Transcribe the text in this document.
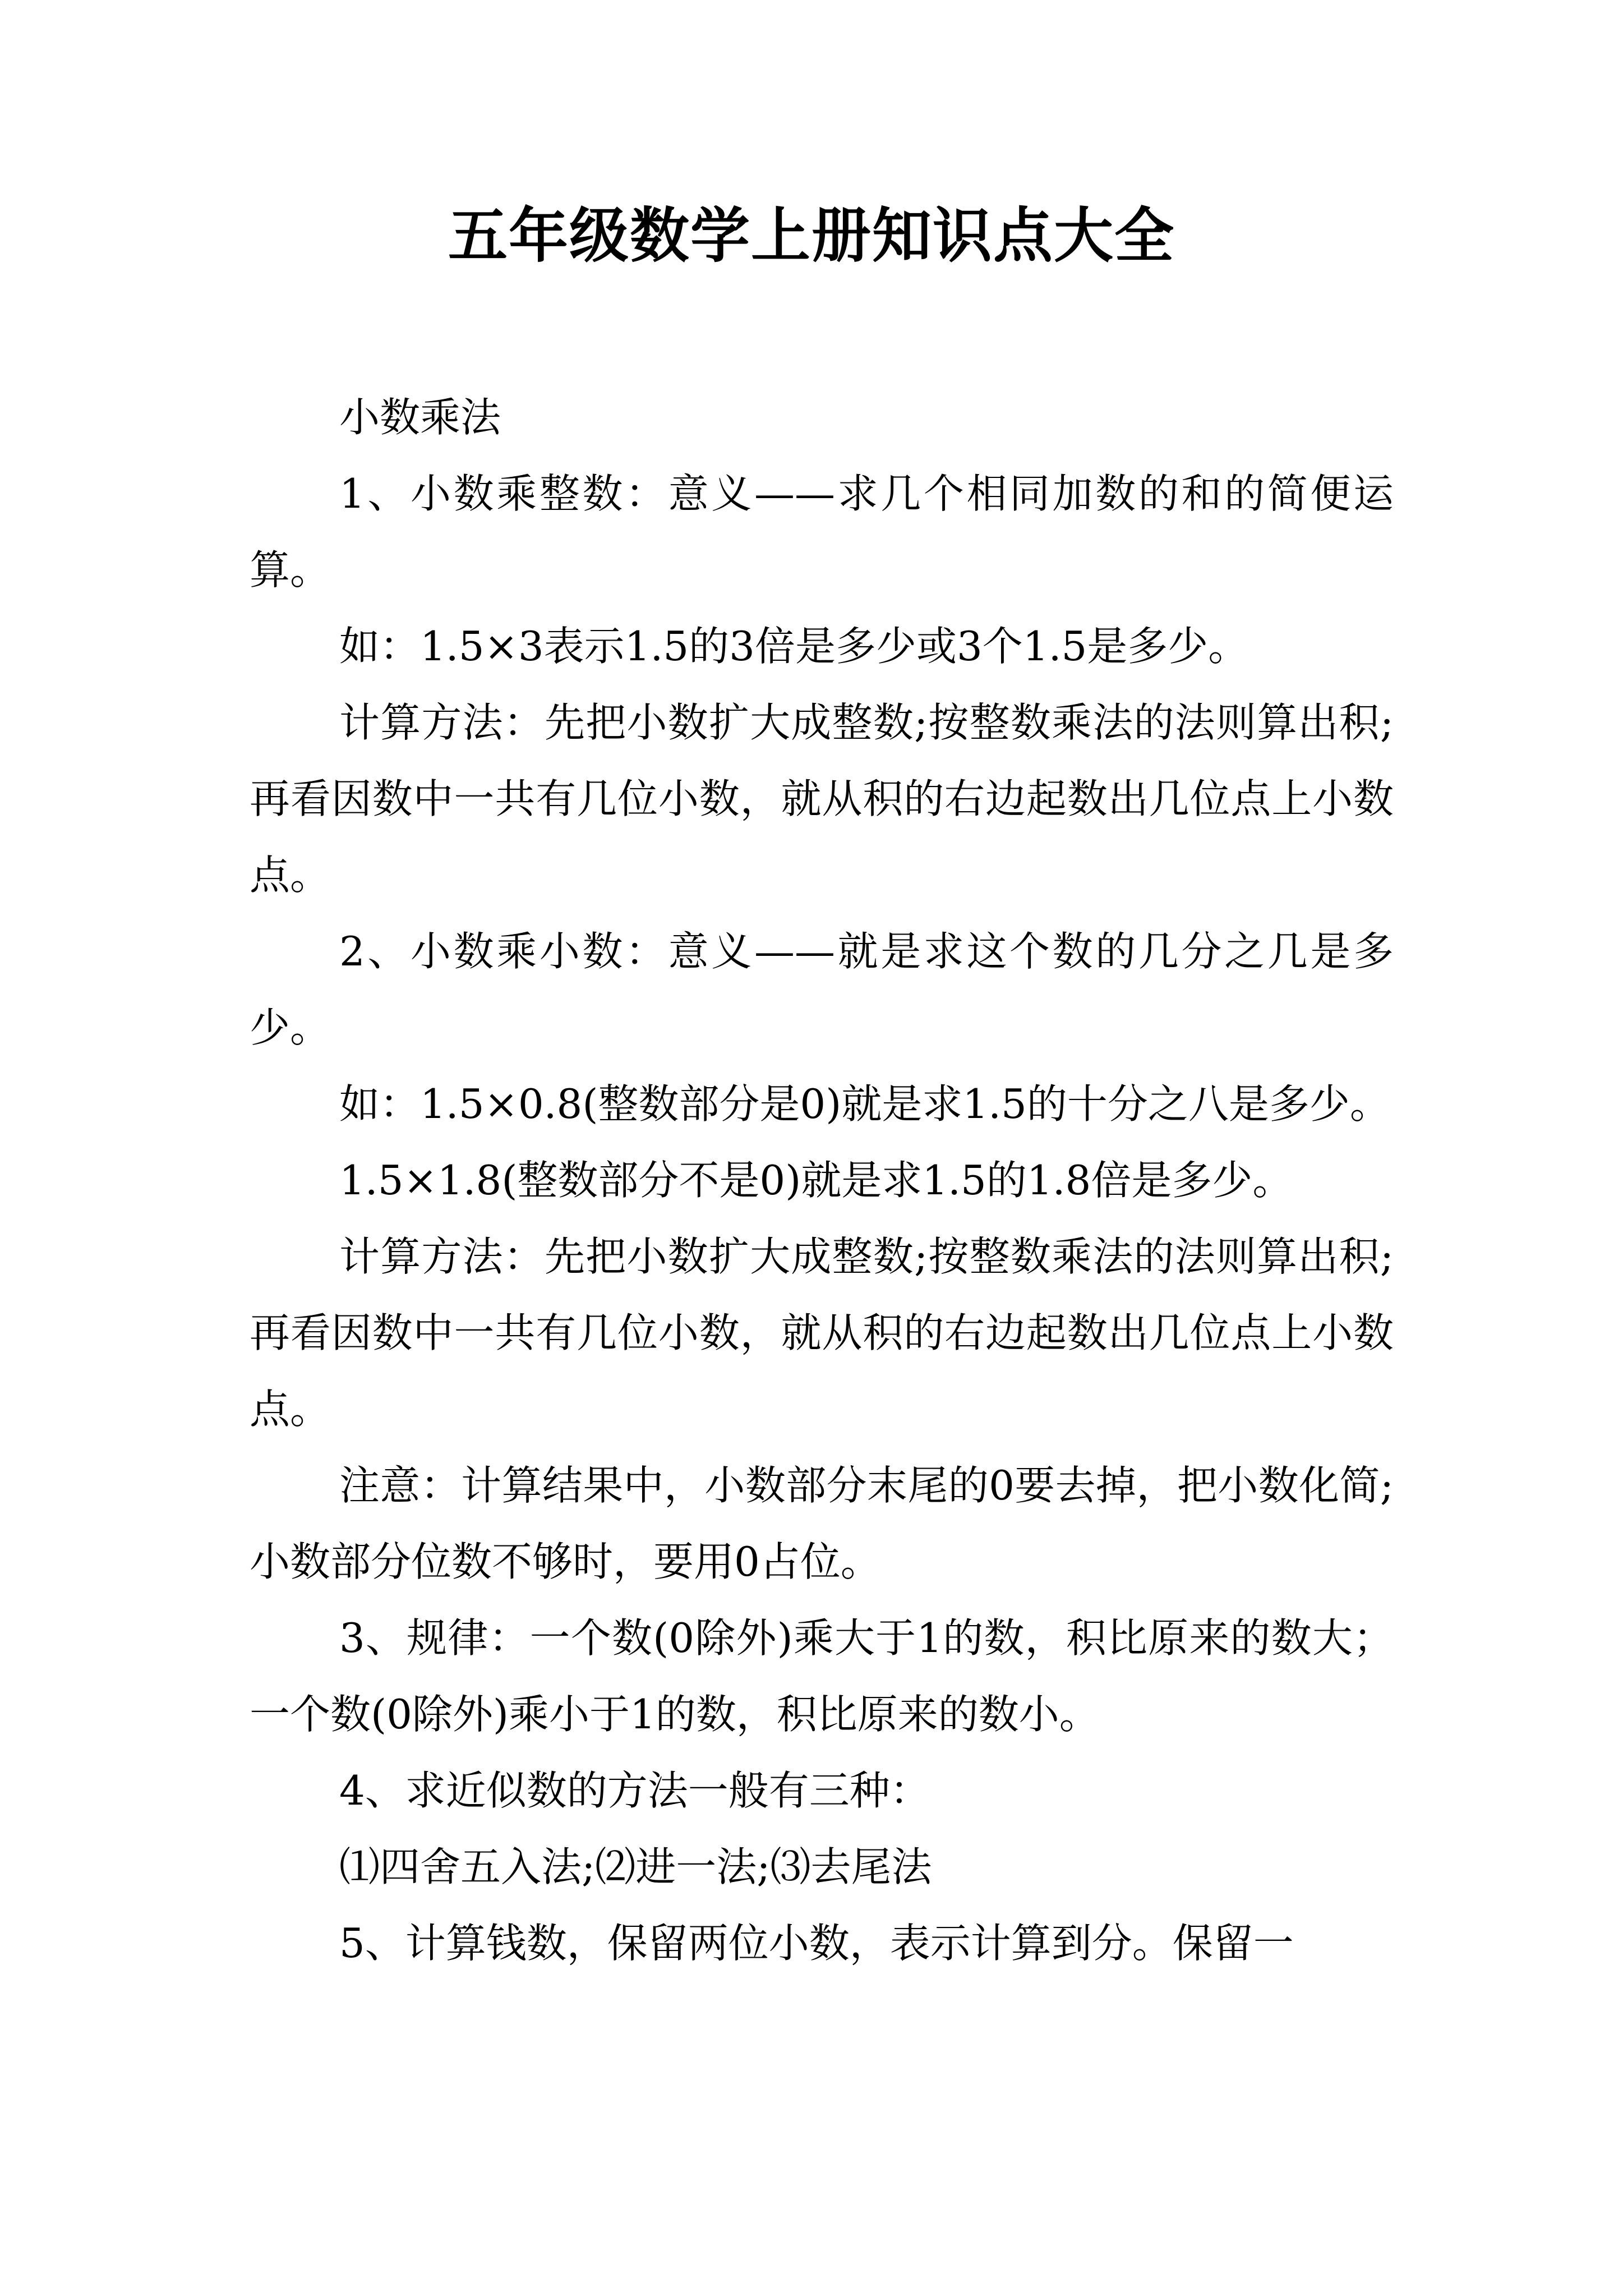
五年级数学上册知识点大全

小数乘法

1、小数乘整数：意义——求几个相同加数的和的简便运算。

如：1.5×3表示1.5的3倍是多少或3个1.5是多少。

计算方法：先把小数扩大成整数;按整数乘法的法则算出积;再看因数中一共有几位小数，就从积的右边起数出几位点上小数点。

2、小数乘小数：意义——就是求这个数的几分之几是多少。

如：1.5×0.8(整数部分是0)就是求1.5的十分之八是多少。

1.5×1.8(整数部分不是0)就是求1.5的1.8倍是多少。

计算方法：先把小数扩大成整数;按整数乘法的法则算出积;再看因数中一共有几位小数，就从积的右边起数出几位点上小数点。

注意：计算结果中，小数部分末尾的0要去掉，把小数化简;小数部分位数不够时，要用0占位。

3、规律：一个数(0除外)乘大于1的数，积比原来的数大；一个数(0除外)乘小于1的数，积比原来的数小。

4、求近似数的方法一般有三种：

⑴四舍五入法;⑵进一法;⑶去尾法

5、计算钱数，保留两位小数，表示计算到分。保留一
